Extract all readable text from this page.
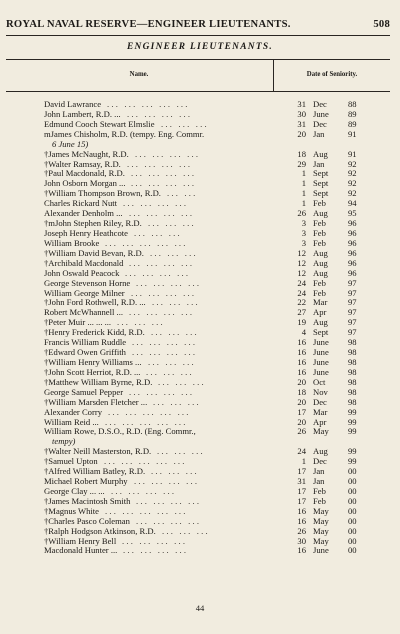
ROYAL NAVAL RESERVE—ENGINEER LIEUTENANTS.	508
ENGINEER LIEUTENANTS.
Name.	Date of Seniority.
David Lawrance ... ... ... ... ...	31 Dec 88
John Lambert, R.D. ... ... ... ... ...	30 June 89
Edmund Cooch Stewart Elmslie ... ... ...	31 Dec 89
mJames Chisholm, R.D. (tempy. Eng. Commr.	20 Jan	91
6 June 15)
†James McNaught, R.D. ... ... ... ...	18 Aug 91
†Walter Ramsay, R.D. ... ... ... ...	29 Jan	92
†Paul Macdonald, R.D. ... ... ... ...	1 Sept 92
John Osborn Morgan ... ... ... ... ...	1 Sept 92
†William Thompson Brown, R.D. ... ...	1 Sept 92
Charles Rickard Nutt ... ... ... ...	1 Feb	94
Alexander Denholm ... ... ... ... ...	26 Aug 95
†mJohn Stephen Riley, R.D. ... ... ...	3 Feb	96
Joseph Henry Heathcote ... ... ...	3 Feb	96
William Brooke ... ... ... ... ...	3 Feb	96
†William David Bevan, R.D. ... ... ...	12 Aug 96
†Archibald Macdonald ... ... ... ...	12 Aug 96
John Oswald Peacock ... ... ... ...	12 Aug 96
George Stevenson Horne ... ... ... ...	24 Feb	97
William George Milner ... ... ... ...	24 Feb	97
†John Ford Rothwell, R.D. ... ... ... ...	22 Mar 97
Robert McWhannell ... ... ... ... ...	27 Apr	97
†Peter Muir ... ... ... ... ... ...	19 Aug 97
†Henry Frederick Kidd, R.D. ... ... ...	4 Sept 97
Francis William Ruddle ... ... ... ...	16 June 98
†Edward Owen Griffith ... ... ... ...	16 June 98
†William Henry Williams ... ... ... ...	16 June 98
†John Scott Herriot, R.D. ... ... ... ...	16 June 98
†Matthew William Byrne, R.D. ... ... ...	20 Oct	98
George Samuel Pepper ... ... ... ...	18 Nov 98
†William Marsden Fletcher ... ... ... ...	20 Dec 98
Alexander Corry ... ... ... ... ...	17 Mar 99
William Reid ... ... ... ... ... ...	20 Apr	99
William Rowe, D.S.O., R.D. (Eng. Commr.,	26 May 99
tempy)
†Walter Neill Masterston, R.D. ... ... ...	24 Aug 99
†Samuel Upton ... ... ... ... ...	1 Dec 99
†Alfred William Batley, R.D. ... ... ...	17 Jan	00
Michael Robert Murphy ... ... ... ...	31 Jan	00
George Clay ... ... ... ... ... ...	17 Feb	00
†James Macintosh Smith ... ... ... ...	17 Feb	00
†Magnus White ... ... ... ... ...	16 May 00
†Charles Pasco Coleman ... ... ... ...	16 May 00
†Ralph Hodgson Atkinson, R.D. ... ... ...	26 May 00
†William Henry Bell ... ... ... ...	30 May 00
Macdonald Hunter ... ... ... ... ...	16 June 00
44
